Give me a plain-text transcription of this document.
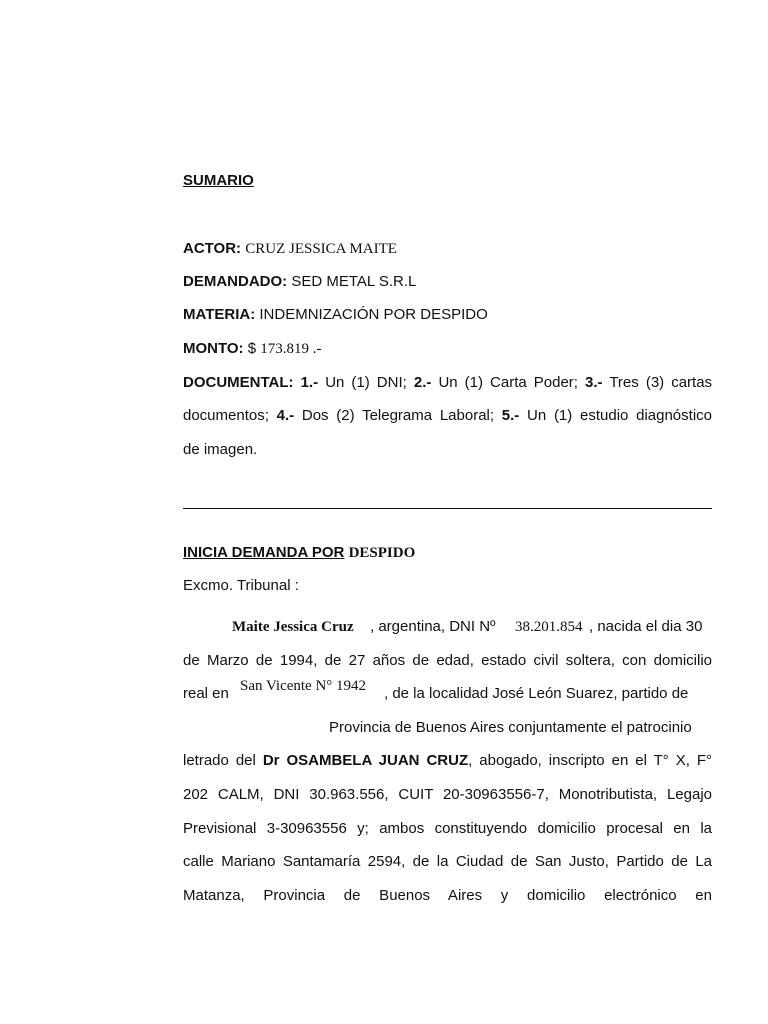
SUMARIO
ACTOR: CRUZ JESSICA MAITE
DEMANDADO: SED METAL S.R.L
MATERIA: INDEMNIZACIÓN POR DESPIDO
MONTO: $ 173.819 .-
DOCUMENTAL: 1.- Un (1) DNI; 2.- Un (1) Carta Poder; 3.- Tres (3) cartas
documentos; 4.- Dos (2) Telegrama Laboral; 5.- Un (1) estudio diagnóstico
de imagen.
INICIA DEMANDA POR DESPIDO
Excmo. Tribunal :
Maite Jessica Cruz , argentina, DNI Nº 38.201.854 , nacida el dia 30
de Marzo de 1994, de 27 años de edad, estado civil soltera, con domicilio
real en San Vicente N° 1942 , de la localidad José León Suarez, partido de
Provincia de Buenos Aires conjuntamente el patrocinio
letrado del Dr OSAMBELA JUAN CRUZ, abogado, inscripto en el T° X, F°
202 CALM, DNI 30.963.556, CUIT 20-30963556-7, Monotributista, Legajo
Previsional 3-30963556 y; ambos constituyendo domicilio procesal en la
calle Mariano Santamaría 2594, de la Ciudad de San Justo, Partido de La
Matanza, Provincia de Buenos Aires y domicilio electrónico en
